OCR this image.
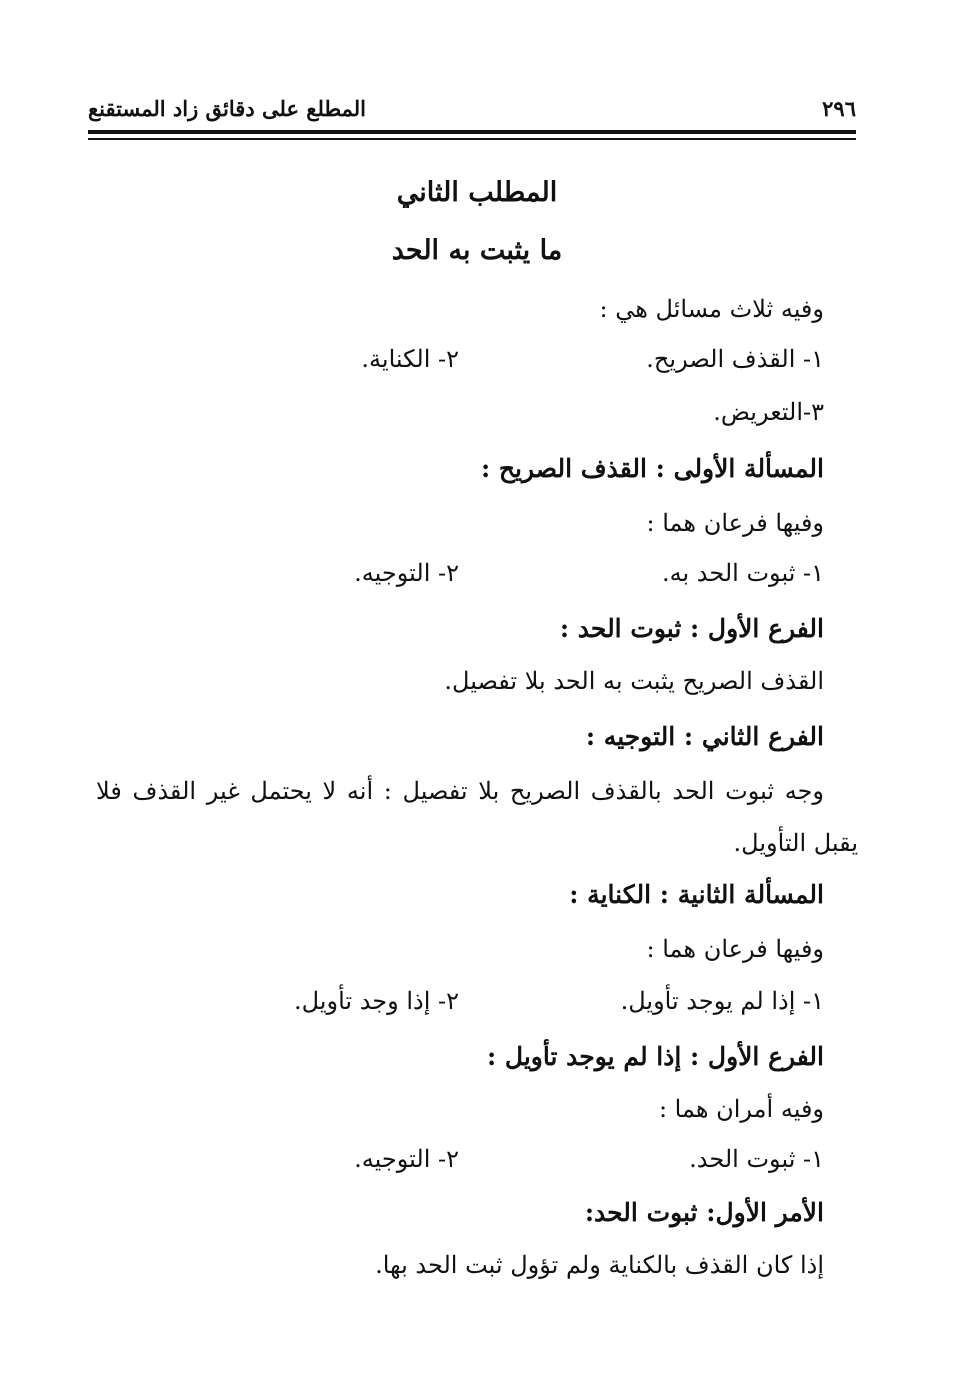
٢٩٦
المطلع على دقائق زاد المستقنع
المطلب الثاني
ما يثبت به الحد
وفيه ثلاث مسائل هي :
١- القذف الصريح.
٢- الكناية.
٣-التعريض.
المسألة الأولى : القذف الصريح :
وفيها فرعان هما :
١- ثبوت الحد به.
٢- التوجيه.
الفرع الأول : ثبوت الحد :
القذف الصريح يثبت به الحد بلا تفصيل.
الفرع الثاني : التوجيه :
وجه ثبوت الحد بالقذف الصريح بلا تفصيل : أنه لا يحتمل غير القذف فلا
يقبل التأويل.
المسألة الثانية : الكناية :
وفيها فرعان هما :
١- إذا لم يوجد تأويل.
٢- إذا وجد تأويل.
الفرع الأول : إذا لم يوجد تأويل :
وفيه أمران هما :
١- ثبوت الحد.
٢- التوجيه.
الأمر الأول: ثبوت الحد:
إذا كان القذف بالكناية ولم تؤول ثبت الحد بها.
